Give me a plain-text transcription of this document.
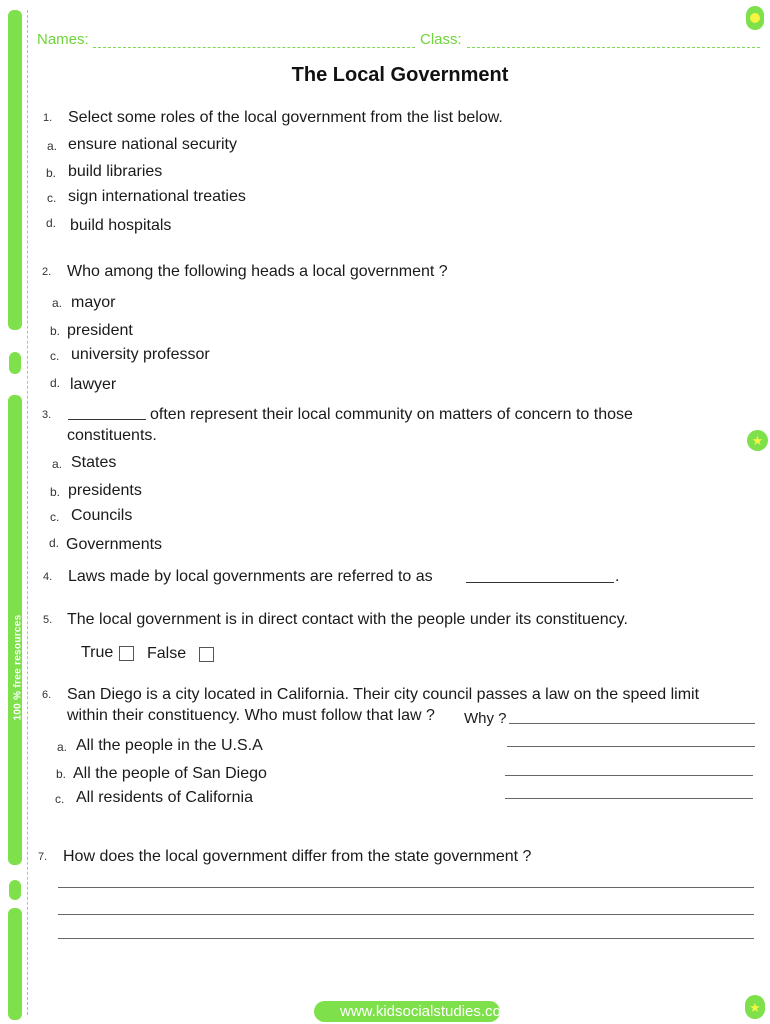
100 % free resources
★
★
Names:	Class:
The Local Government
1. Select some roles of the local government from the list below.
a. ensure national security
b. build libraries
c. sign international treaties
d. build hospitals
2. Who among the following heads a local government ?
a. mayor
b. president
c. university professor
d. lawyer
3.	often represent their local community on matters of concern to those
constituents.
a. States
b. presidents
c. Councils
d. Governments
4. Laws made by local governments are referred to as	.
5. The local government is in direct contact with the people under its constituency.
True False
6. San Diego is a city located in California. Their city council passes a law on the speed limit
within their constituency. Who must follow that law ? Why ?
a. All the people in the U.S.A
b. All the people of San Diego
c. All residents of California
7. How does the local government differ from the state government ?
www.kidsocialstudies.com
